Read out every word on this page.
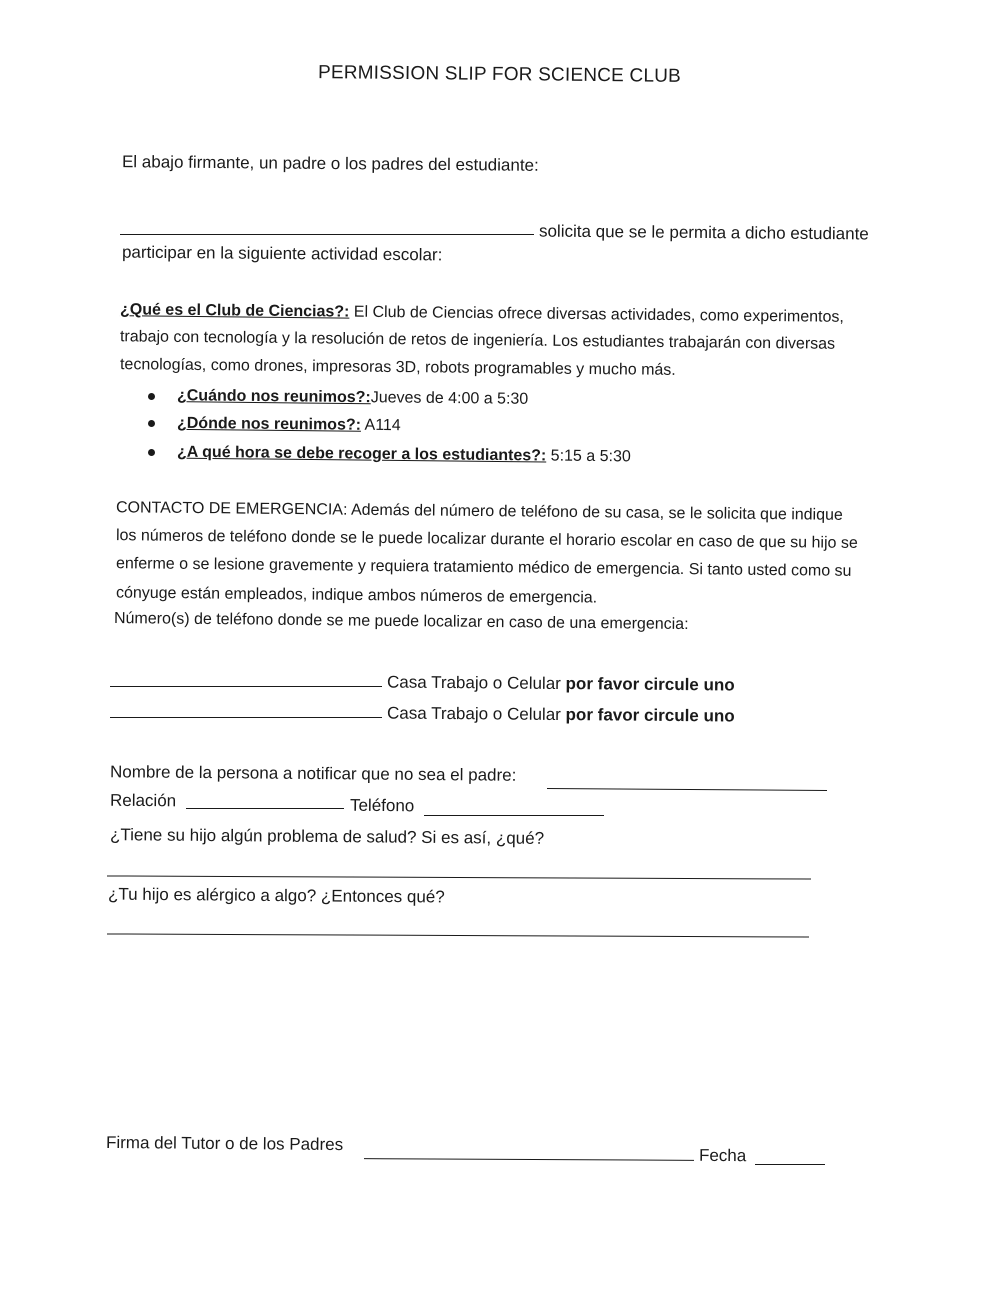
PERMISSION SLIP FOR SCIENCE CLUB
El abajo firmante, un padre o los padres del estudiante:
solicita que se le permita a dicho estudiante
participar en la siguiente actividad escolar:
¿Qué es el Club de Ciencias?: El Club de Ciencias ofrece diversas actividades, como experimentos,
trabajo con tecnología y la resolución de retos de ingeniería. Los estudiantes trabajarán con diversas
tecnologías, como drones, impresoras 3D, robots programables y mucho más.
¿Cuándo nos reunimos?:Jueves de 4:00 a 5:30
¿Dónde nos reunimos?: A114
¿A qué hora se debe recoger a los estudiantes?: 5:15 a 5:30
CONTACTO DE EMERGENCIA: Además del número de teléfono de su casa, se le solicita que indique
los números de teléfono donde se le puede localizar durante el horario escolar en caso de que su hijo se
enferme o se lesione gravemente y requiera tratamiento médico de emergencia. Si tanto usted como su
cónyuge están empleados, indique ambos números de emergencia.
Número(s) de teléfono donde se me puede localizar en caso de una emergencia:
Casa Trabajo o Celular por favor circule uno
Casa Trabajo o Celular por favor circule uno
Nombre de la persona a notificar que no sea el padre:
Relación	Teléfono
¿Tiene su hijo algún problema de salud? Si es así, ¿qué?
¿Tu hijo es alérgico a algo? ¿Entonces qué?
Firma del Tutor o de los Padres
Fecha
